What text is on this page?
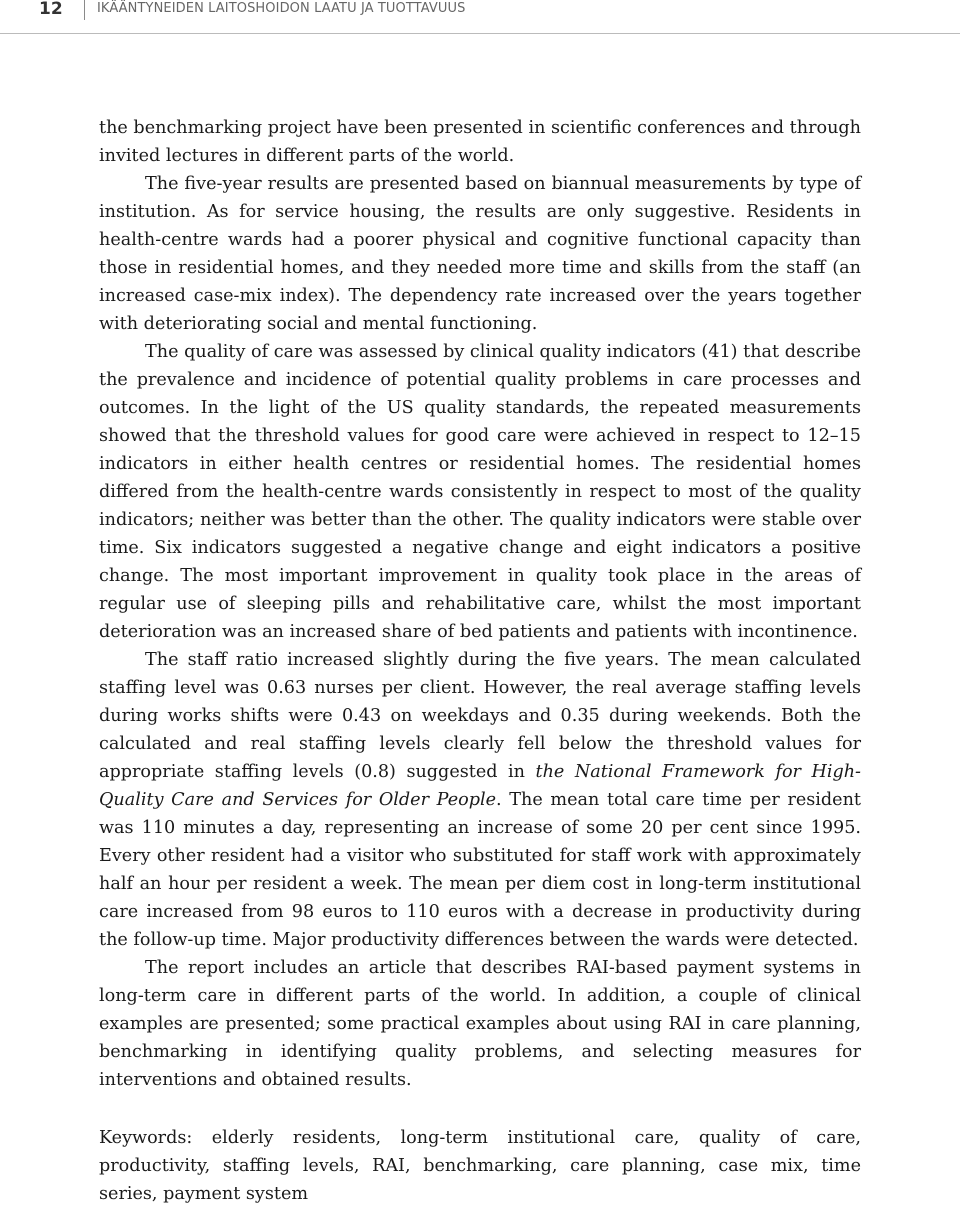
12	IKÄÄNTYNEIDEN LAITOSHOIDON LAATU JA TUOTTAVUUS

the benchmarking project have been presented in scientific conferences and through invited lectures in different parts of the world.

The five-year results are presented based on biannual measurements by type of institution. As for service housing, the results are only suggestive. Residents in health-centre wards had a poorer physical and cognitive functional capacity than those in residential homes, and they needed more time and skills from the staff (an increased case-mix index). The dependency rate increased over the years together with deteriorating social and mental functioning.

The quality of care was assessed by clinical quality indicators (41) that describe the prevalence and incidence of potential quality problems in care processes and outcomes. In the light of the US quality standards, the repeated measurements showed that the threshold values for good care were achieved in respect to 12–15 indicators in either health centres or residential homes. The residential homes differed from the health-centre wards consistently in respect to most of the quality indicators; neither was better than the other. The quality indicators were stable over time. Six indicators suggested a negative change and eight indicators a positive change. The most important improvement in quality took place in the areas of regular use of sleeping pills and rehabilitative care, whilst the most important deterioration was an increased share of bed patients and patients with incontinence.

The staff ratio increased slightly during the five years. The mean calculated staffing level was 0.63 nurses per client. However, the real average staffing levels during works shifts were 0.43 on weekdays and 0.35 during weekends. Both the calculated and real staffing levels clearly fell below the threshold values for appropriate staffing levels (0.8) suggested in the National Framework for High-Quality Care and Services for Older People. The mean total care time per resident was 110 minutes a day, representing an increase of some 20 per cent since 1995. Every other resident had a visitor who substituted for staff work with approximately half an hour per resident a week. The mean per diem cost in long-term institutional care increased from 98 euros to 110 euros with a decrease in productivity during the follow-up time. Major productivity differences between the wards were detected.

The report includes an article that describes RAI-based payment systems in long-term care in different parts of the world. In addition, a couple of clinical examples are presented; some practical examples about using RAI in care planning, benchmarking in identifying quality problems, and selecting measures for interventions and obtained results.

Keywords: elderly residents, long-term institutional care, quality of care, productivity, staffing levels, RAI, benchmarking, care planning, case mix, time series, payment system
